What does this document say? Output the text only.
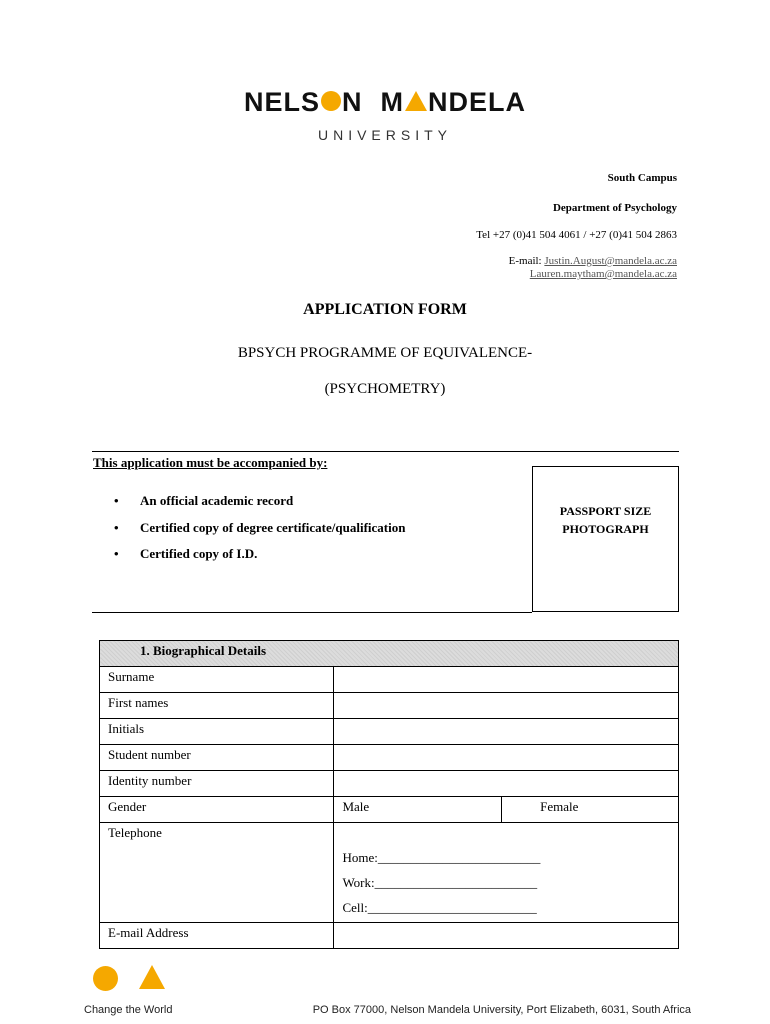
NELS N M NDELA
UNIVERSITY
South Campus
Department of Psychology
Tel +27 (0)41 504 4061 / +27 (0)41 504 2863
E-mail: Justin.August@mandela.ac.za
Lauren.maytham@mandela.ac.za
APPLICATION FORM
BPSYCH PROGRAMME OF EQUIVALENCE-
(PSYCHOMETRY)
This application must be accompanied by:
• An official academic record
• Certified copy of degree certificate/qualification
• Certified copy of I.D.
PASSPORT SIZE
PHOTOGRAPH
1. Biographical Details		
Surname		
First names		
Initials		
Student number		
Identity number		
Gender	Male	Female
Telephone	Home:_________________________
Work:_________________________
Cell:__________________________	

E-mail Address		
Change the World	PO Box 77000, Nelson Mandela University, Port Elizabeth, 6031, South Africa
